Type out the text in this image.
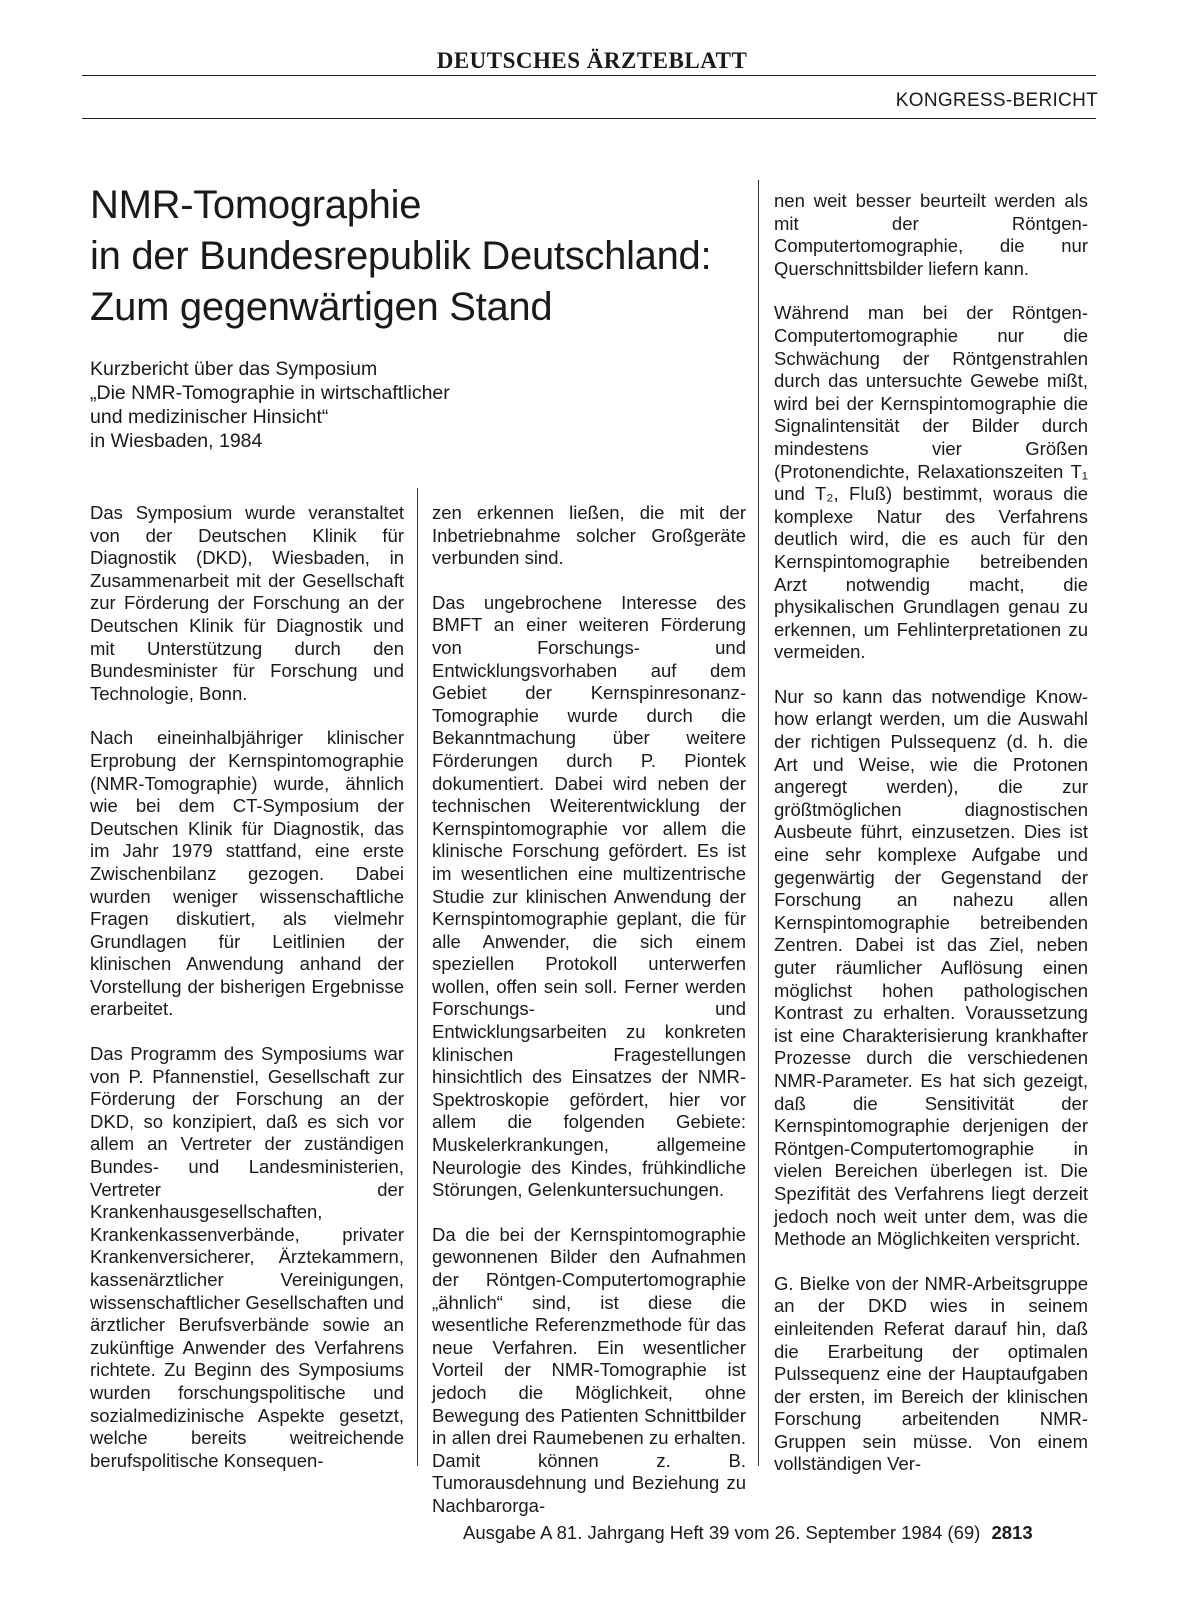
DEUTSCHES ÄRZTEBLATT
KONGRESS-BERICHT
NMR-Tomographie
in der Bundesrepublik Deutschland:
Zum gegenwärtigen Stand
Kurzbericht über das Symposium
„Die NMR-Tomographie in wirtschaftlicher
und medizinischer Hinsicht“
in Wiesbaden, 1984

Das Symposium wurde veranstaltet von der Deutschen Klinik für Diagnostik (DKD), Wiesbaden, in Zusammenarbeit mit der Gesellschaft zur Förderung der Forschung an der Deutschen Klinik für Diagnostik und mit Unterstützung durch den Bundesminister für Forschung und Technologie, Bonn.

Nach eineinhalbjähriger klinischer Erprobung der Kernspintomographie (NMR-Tomographie) wurde, ähnlich wie bei dem CT-Symposium der Deutschen Klinik für Diagnostik, das im Jahr 1979 stattfand, eine erste Zwischenbilanz gezogen. Dabei wurden weniger wissenschaftliche Fragen diskutiert, als vielmehr Grundlagen für Leitlinien der klinischen Anwendung anhand der Vorstellung der bisherigen Ergebnisse erarbeitet.

Das Programm des Symposiums war von P. Pfannenstiel, Gesellschaft zur Förderung der Forschung an der DKD, so konzipiert, daß es sich vor allem an Vertreter der zuständigen Bundes- und Landesministerien, Vertreter der Krankenhausgesellschaften, Krankenkassenverbände, privater Krankenversicherer, Ärztekammern, kassenärztlicher Vereinigungen, wissenschaftlicher Gesellschaften und ärztlicher Berufsverbände sowie an zukünftige Anwender des Verfahrens richtete. Zu Beginn des Symposiums wurden forschungspolitische und sozialmedizinische Aspekte gesetzt, welche bereits weitreichende berufspolitische Konsequen-

zen erkennen ließen, die mit der Inbetriebnahme solcher Großgeräte verbunden sind.

Das ungebrochene Interesse des BMFT an einer weiteren Förderung von Forschungs- und Entwicklungsvorhaben auf dem Gebiet der Kernspinresonanz-Tomographie wurde durch die Bekanntmachung über weitere Förderungen durch P. Piontek dokumentiert. Dabei wird neben der technischen Weiterentwicklung der Kernspintomographie vor allem die klinische Forschung gefördert. Es ist im wesentlichen eine multizentrische Studie zur klinischen Anwendung der Kernspintomographie geplant, die für alle Anwender, die sich einem speziellen Protokoll unterwerfen wollen, offen sein soll. Ferner werden Forschungs- und Entwicklungsarbeiten zu konkreten klinischen Fragestellungen hinsichtlich des Einsatzes der NMR-Spektroskopie gefördert, hier vor allem die folgenden Gebiete: Muskelerkrankungen, allgemeine Neurologie des Kindes, frühkindliche Störungen, Gelenkuntersuchungen.

Da die bei der Kernspintomographie gewonnenen Bilder den Aufnahmen der Röntgen-Computertomographie „ähnlich“ sind, ist diese die wesentliche Referenzmethode für das neue Verfahren. Ein wesentlicher Vorteil der NMR-Tomographie ist jedoch die Möglichkeit, ohne Bewegung des Patienten Schnittbilder in allen drei Raumebenen zu erhalten. Damit können z. B. Tumorausdehnung und Beziehung zu Nachbarorga-

nen weit besser beurteilt werden als mit der Röntgen-Computertomographie, die nur Querschnittsbilder liefern kann.

Während man bei der Röntgen-Computertomographie nur die Schwächung der Röntgenstrahlen durch das untersuchte Gewebe mißt, wird bei der Kernspintomographie die Signalintensität der Bilder durch mindestens vier Größen (Protonendichte, Relaxationszeiten T₁ und T₂, Fluß) bestimmt, woraus die komplexe Natur des Verfahrens deutlich wird, die es auch für den Kernspintomographie betreibenden Arzt notwendig macht, die physikalischen Grundlagen genau zu erkennen, um Fehlinterpretationen zu vermeiden.

Nur so kann das notwendige Know-how erlangt werden, um die Auswahl der richtigen Pulssequenz (d. h. die Art und Weise, wie die Protonen angeregt werden), die zur größtmöglichen diagnostischen Ausbeute führt, einzusetzen. Dies ist eine sehr komplexe Aufgabe und gegenwärtig der Gegenstand der Forschung an nahezu allen Kernspintomographie betreibenden Zentren. Dabei ist das Ziel, neben guter räumlicher Auflösung einen möglichst hohen pathologischen Kontrast zu erhalten. Voraussetzung ist eine Charakterisierung krankhafter Prozesse durch die verschiedenen NMR-Parameter. Es hat sich gezeigt, daß die Sensitivität der Kernspintomographie derjenigen der Röntgen-Computertomographie in vielen Bereichen überlegen ist. Die Spezifität des Verfahrens liegt derzeit jedoch noch weit unter dem, was die Methode an Möglichkeiten verspricht.

G. Bielke von der NMR-Arbeitsgruppe an der DKD wies in seinem einleitenden Referat darauf hin, daß die Erarbeitung der optimalen Pulssequenz eine der Hauptaufgaben der ersten, im Bereich der klinischen Forschung arbeitenden NMR-Gruppen sein müsse. Von einem vollständigen Ver-

Ausgabe A 81. Jahrgang Heft 39 vom 26. September 1984 (69) 2813
